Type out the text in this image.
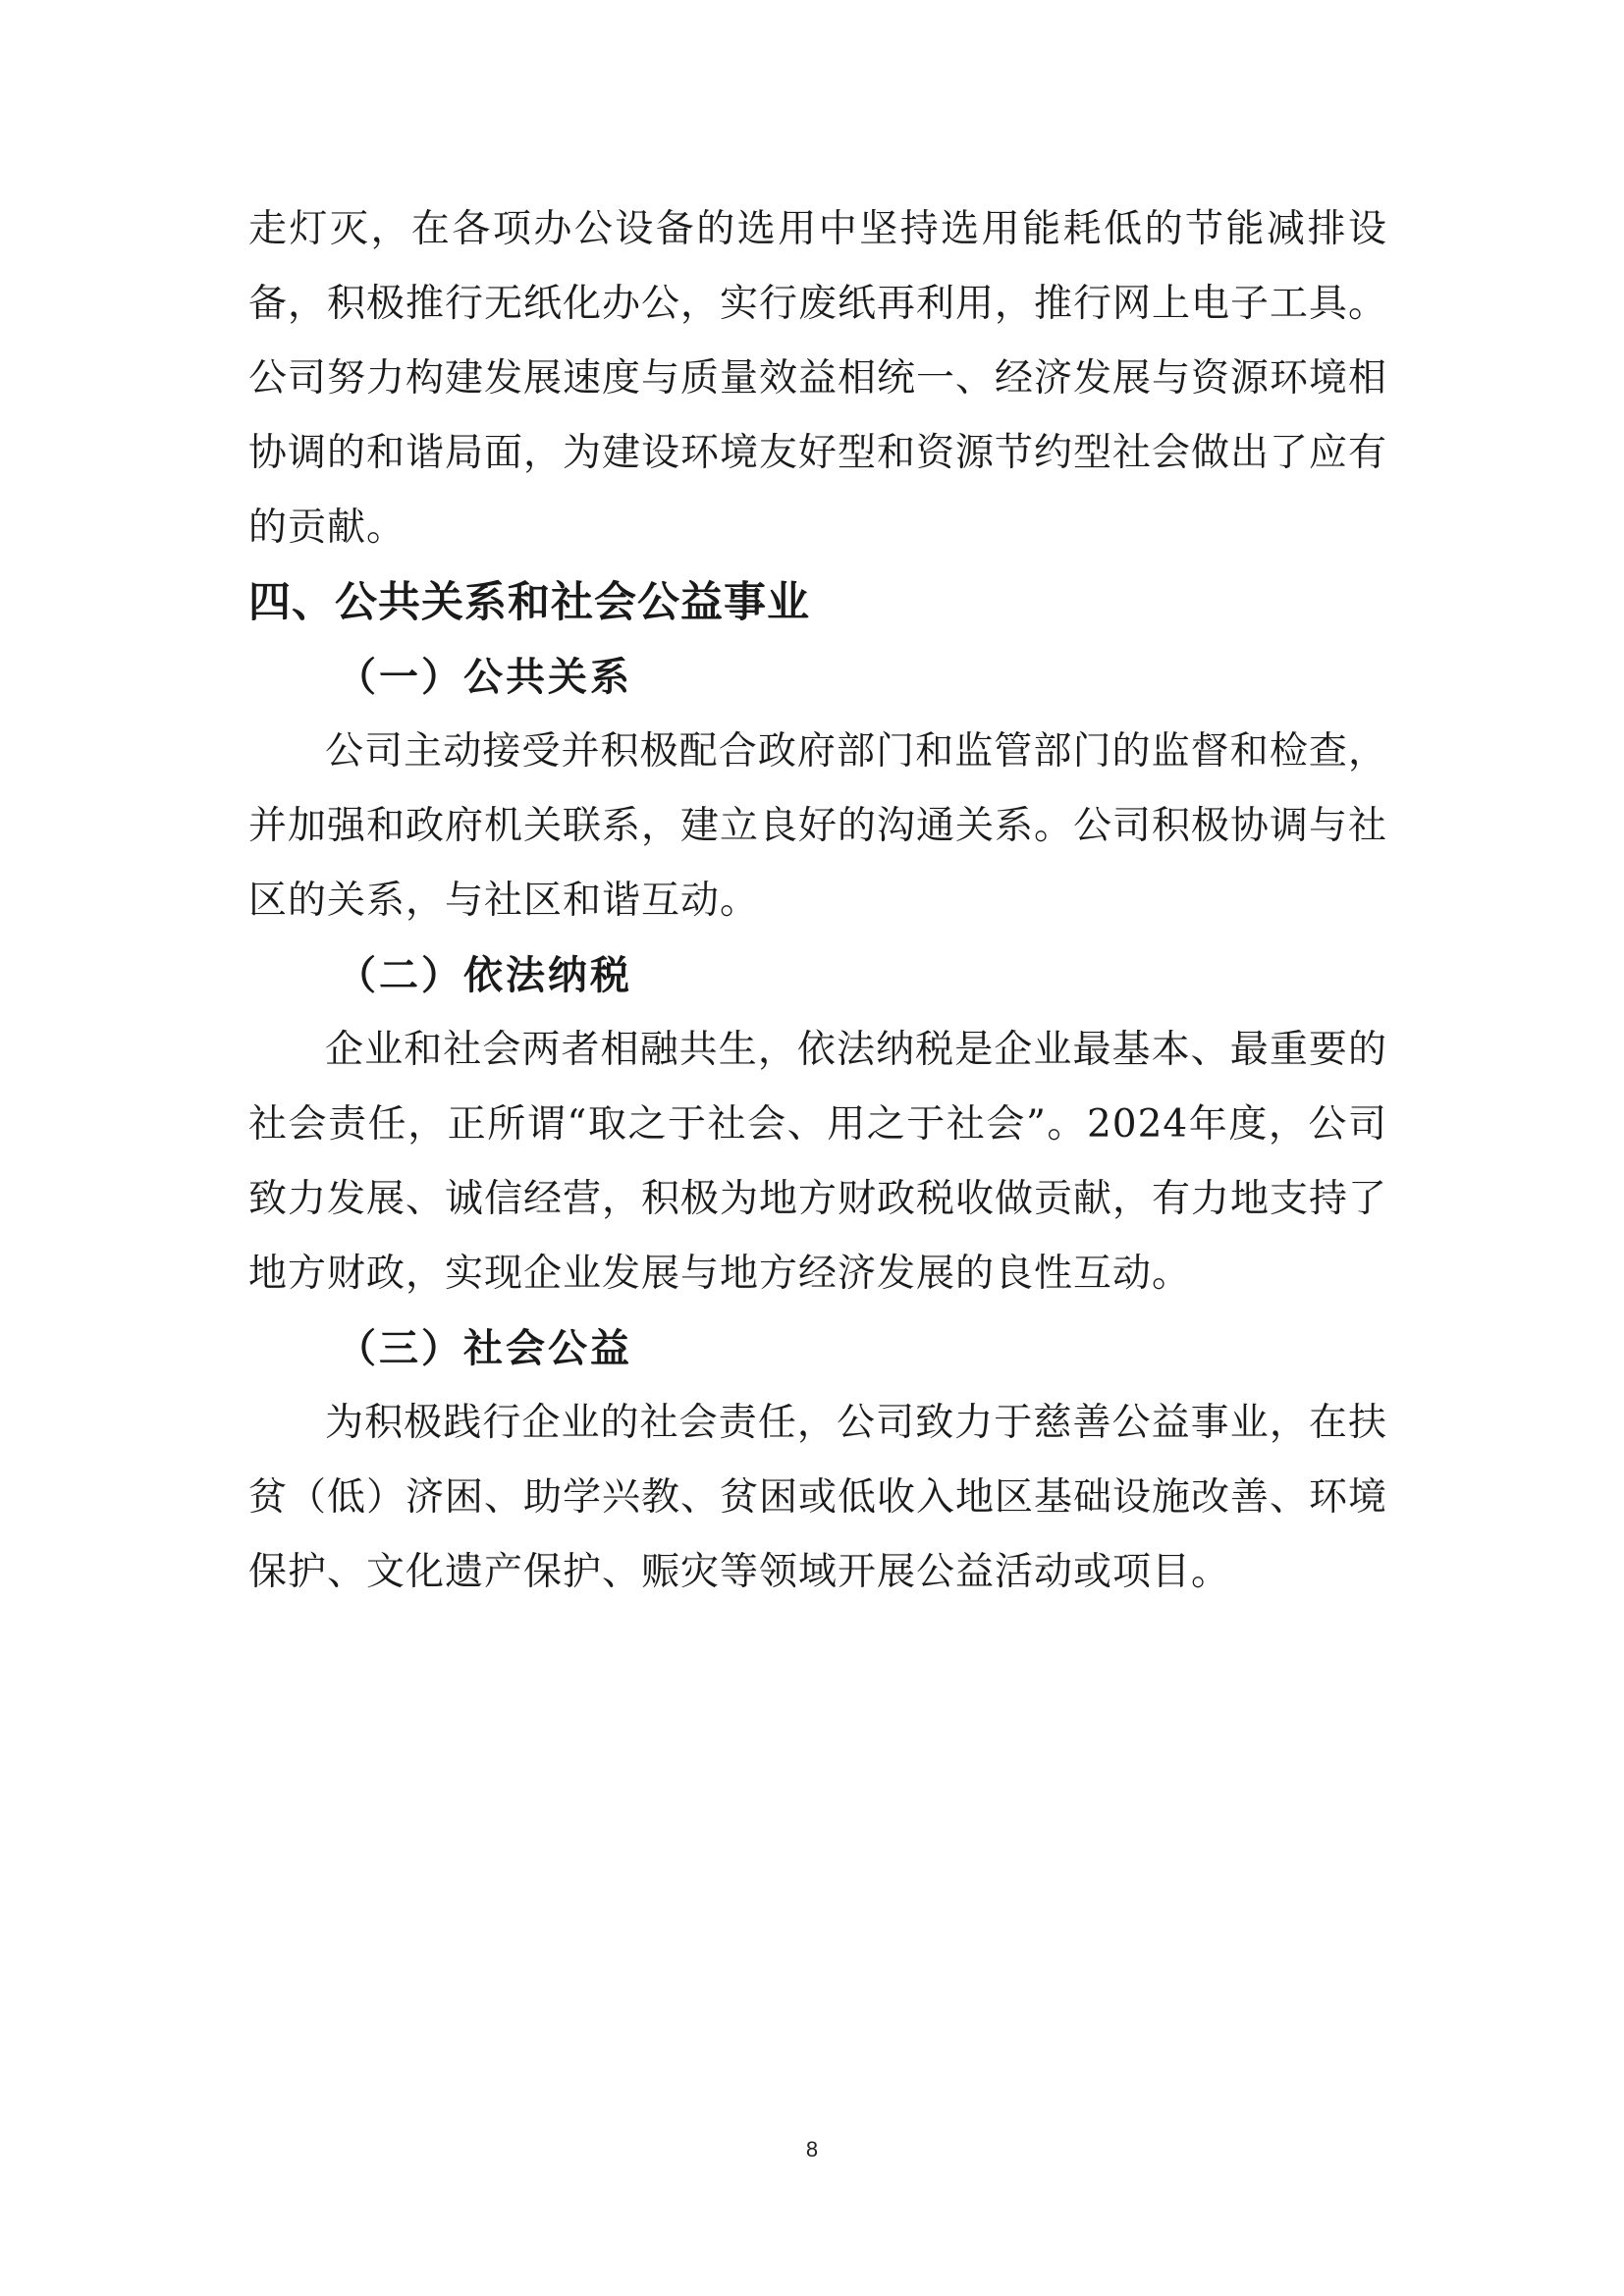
走灯灭，在各项办公设备的选用中坚持选用能耗低的节能减排设备，积极推行无纸化办公，实行废纸再利用，推行网上电子工具。公司努力构建发展速度与质量效益相统一、经济发展与资源环境相协调的和谐局面，为建设环境友好型和资源节约型社会做出了应有的贡献。

四、公共关系和社会公益事业
（一）公共关系

公司主动接受并积极配合政府部门和监管部门的监督和检查，并加强和政府机关联系，建立良好的沟通关系。公司积极协调与社区的关系，与社区和谐互动。

（二）依法纳税

企业和社会两者相融共生，依法纳税是企业最基本、最重要的社会责任，正所谓“取之于社会、用之于社会”。2024年度，公司致力发展、诚信经营，积极为地方财政税收做贡献，有力地支持了地方财政，实现企业发展与地方经济发展的良性互动。

（三）社会公益

为积极践行企业的社会责任，公司致力于慈善公益事业，在扶贫（低）济困、助学兴教、贫困或低收入地区基础设施改善、环境保护、文化遗产保护、赈灾等领域开展公益活动或项目。

8
